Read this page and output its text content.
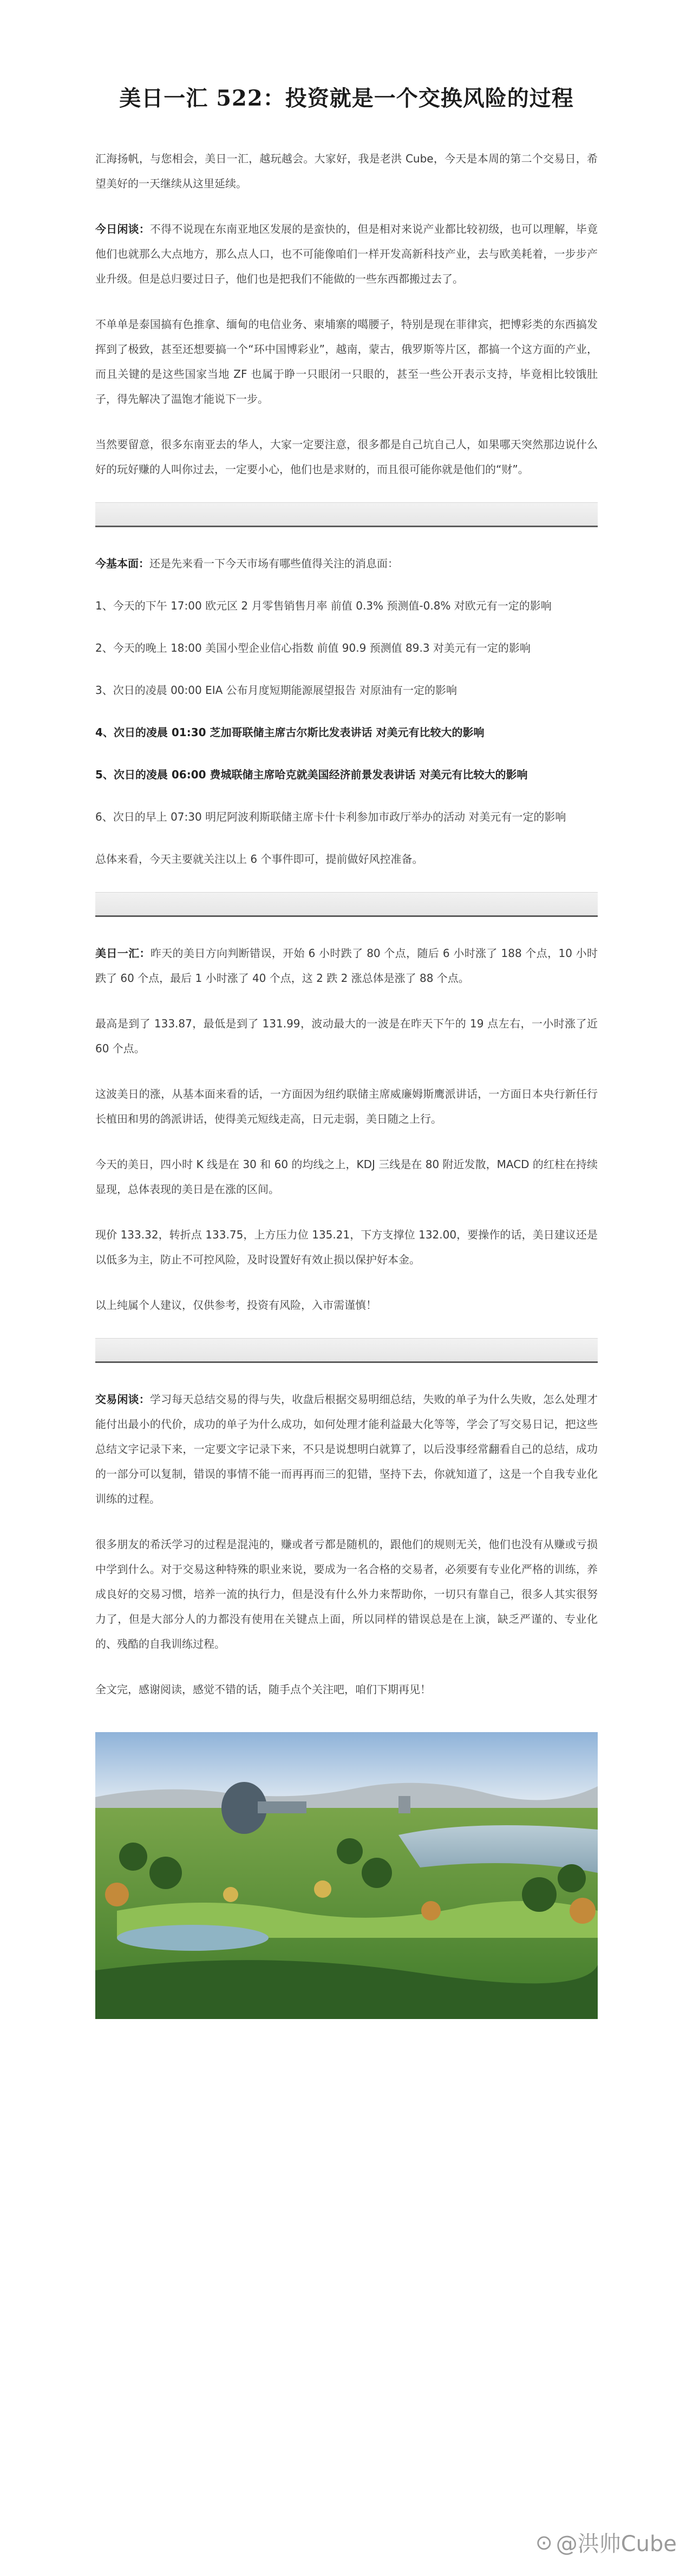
美日一汇 522：投资就是一个交换风险的过程

汇海扬帆，与您相会，美日一汇，越玩越会。大家好，我是老洪 Cube，今天是本周的第二个交易日，希望美好的一天继续从这里延续。

今日闲谈：不得不说现在东南亚地区发展的是蛮快的，但是相对来说产业都比较初级，也可以理解，毕竟他们也就那么大点地方，那么点人口，也不可能像咱们一样开发高新科技产业，去与欧美耗着，一步步产业升级。但是总归要过日子，他们也是把我们不能做的一些东西都搬过去了。

不单单是泰国搞有色推拿、缅甸的电信业务、柬埔寨的噶腰子，特别是现在菲律宾，把博彩类的东西搞发挥到了极致，甚至还想要搞一个“环中国博彩业”，越南，蒙古，俄罗斯等片区，都搞一个这方面的产业，而且关键的是这些国家当地 ZF 也属于睁一只眼闭一只眼的，甚至一些公开表示支持，毕竟相比较饿肚子，得先解决了温饱才能说下一步。

当然要留意，很多东南亚去的华人，大家一定要注意，很多都是自己坑自己人，如果哪天突然那边说什么好的玩好赚的人叫你过去，一定要小心，他们也是求财的，而且很可能你就是他们的“财”。

今基本面：还是先来看一下今天市场有哪些值得关注的消息面：

1、今天的下午 17:00 欧元区 2 月零售销售月率 前值 0.3% 预测值-0.8% 对欧元有一定的影响

2、今天的晚上 18:00 美国小型企业信心指数 前值 90.9 预测值 89.3 对美元有一定的影响

3、次日的凌晨 00:00 EIA 公布月度短期能源展望报告 对原油有一定的影响

4、次日的凌晨 01:30 芝加哥联储主席古尔斯比发表讲话 对美元有比较大的影响

5、次日的凌晨 06:00 费城联储主席哈克就美国经济前景发表讲话 对美元有比较大的影响

6、次日的早上 07:30 明尼阿波利斯联储主席卡什卡利参加市政厅举办的活动 对美元有一定的影响

总体来看，今天主要就关注以上 6 个事件即可，提前做好风控准备。

美日一汇：昨天的美日方向判断错误，开始 6 小时跌了 80 个点，随后 6 小时涨了 188 个点，10 小时跌了 60 个点，最后 1 小时涨了 40 个点，这 2 跌 2 涨总体是涨了 88 个点。

最高是到了 133.87，最低是到了 131.99，波动最大的一波是在昨天下午的 19 点左右，一小时涨了近 60 个点。

这波美日的涨，从基本面来看的话，一方面因为纽约联储主席威廉姆斯鹰派讲话，一方面日本央行新任行长植田和男的鸽派讲话，使得美元短线走高，日元走弱，美日随之上行。

今天的美日，四小时 K 线是在 30 和 60 的均线之上，KDJ 三线是在 80 附近发散，MACD 的红柱在持续显现，总体表现的美日是在涨的区间。

现价 133.32，转折点 133.75，上方压力位 135.21，下方支撑位 132.00，要操作的话，美日建议还是以低多为主，防止不可控风险，及时设置好有效止损以保护好本金。

以上纯属个人建议，仅供参考，投资有风险，入市需谨慎！

交易闲谈：学习每天总结交易的得与失，收盘后根据交易明细总结，失败的单子为什么失败，怎么处理才能付出最小的代价，成功的单子为什么成功，如何处理才能利益最大化等等，学会了写交易日记，把这些总结文字记录下来，一定要文字记录下来，不只是说想明白就算了，以后没事经常翻看自己的总结，成功的一部分可以复制，错误的事情不能一而再再而三的犯错，坚持下去，你就知道了，这是一个自我专业化训练的过程。

很多朋友的希沃学习的过程是混沌的，赚或者亏都是随机的，跟他们的规则无关，他们也没有从赚或亏损中学到什么。对于交易这种特殊的职业来说，要成为一名合格的交易者，必须要有专业化严格的训练，养成良好的交易习惯，培养一流的执行力，但是没有什么外力来帮助你，一切只有靠自己，很多人其实很努力了，但是大部分人的力都没有使用在关键点上面，所以同样的错误总是在上演，缺乏严谨的、专业化的、残酷的自我训练过程。

全文完，感谢阅读，感觉不错的话，随手点个关注吧，咱们下期再见！

⊙ @洪帅Cube
